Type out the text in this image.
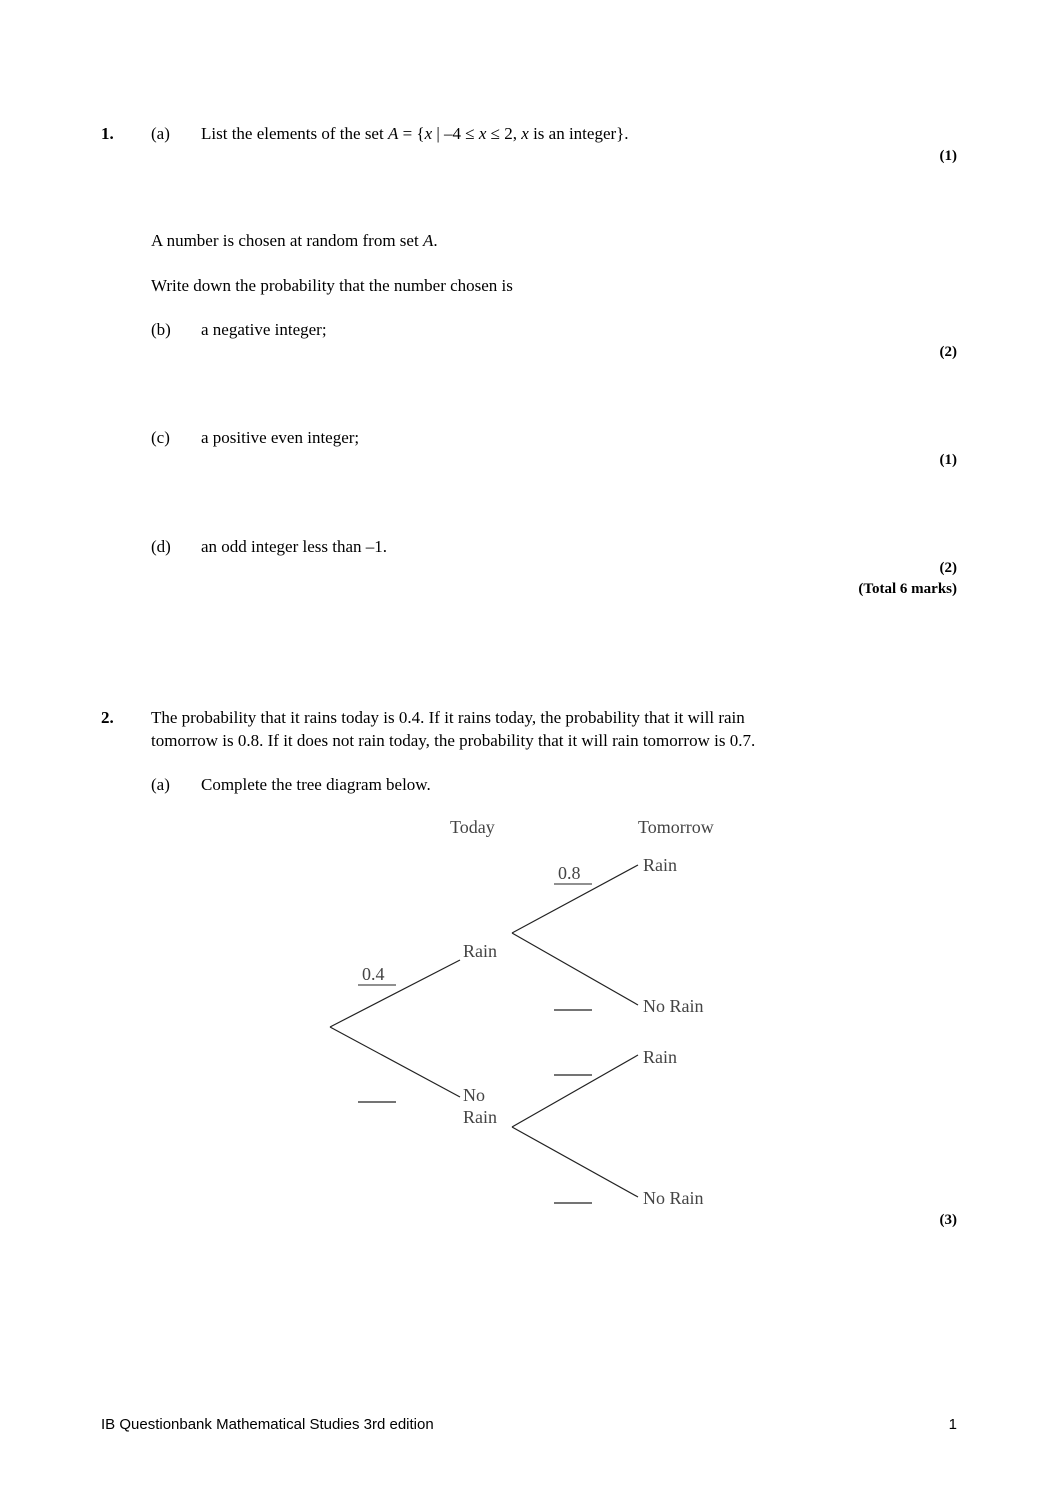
1. (a) List the elements of the set A = {x | –4 ≤ x ≤ 2, x is an integer}.
(1)
A number is chosen at random from set A.
Write down the probability that the number chosen is
(b) a negative integer;
(2)
(c) a positive even integer;
(1)
(d) an odd integer less than –1.
(2)
(Total 6 marks)
2. The probability that it rains today is 0.4. If it rains today, the probability that it will rain
tomorrow is 0.8. If it does not rain today, the probability that it will rain tomorrow is 0.7.
(a) Complete the tree diagram below.
Today	Tomorrow
0.4
0.8
Rain
No
Rain
Rain
No Rain
Rain
No Rain
(3)
IB Questionbank Mathematical Studies 3rd edition	1
